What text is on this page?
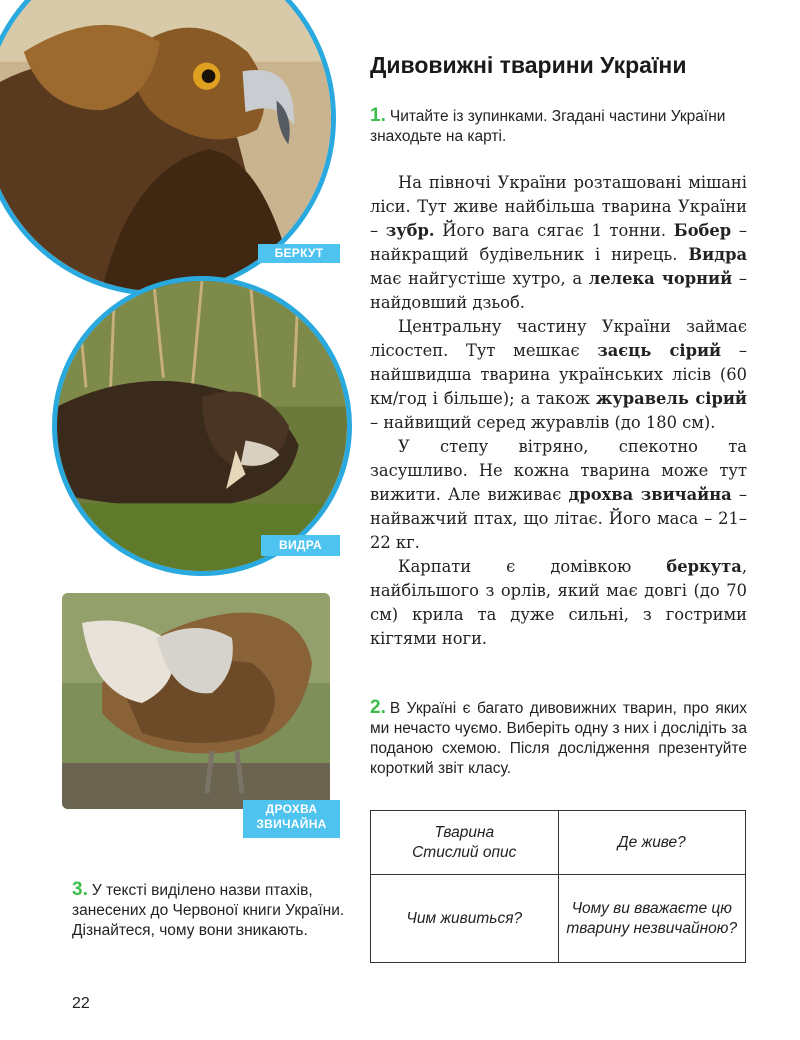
БЕРКУТ
ВИДРА
ДРОХВА
ЗВИЧАЙНА
Дивовижні тварини України
1. Читайте із зупинками. Згадані частини України знаходьте на карті.

На півночі України розташовані мішані ліси. Тут живе найбільша тварина України – зубр. Його вага сягає 1 тонни. Бобер – найкращий будівельник і нирець. Видра має найгустіше хутро, а лелека чорний – найдовший дзьоб.

Центральну частину України займає лісостеп. Тут мешкає заєць сірий – найшвидша тварина українських лісів (60 км/год і більше); а також журавель сірий – найвищий серед журавлів (до 180 см).

У степу вітряно, спекотно та засушливо. Не кожна тварина може тут вижити. Але виживає дрохва звичайна – найважчий птах, що літає. Його маса – 21–22 кг.

Карпати є домівкою беркута, найбільшого з орлів, який має довгі (до 70 см) крила та дуже сильні, з гострими кігтями ноги.

2. В Україні є багато дивовижних тварин, про яких ми нечасто чуємо. Виберіть одну з них і дослідіть за поданою схемою. Після дослідження презентуйте короткий звіт класу.
Тварина
Стислий опис	Де живе?
Чим живиться?	Чому ви вважаєте цю тварину незвичайною?
3. У тексті виділено назви птахів, занесених до Червоної книги України. Дізнайтеся, чому вони зникають.
22
